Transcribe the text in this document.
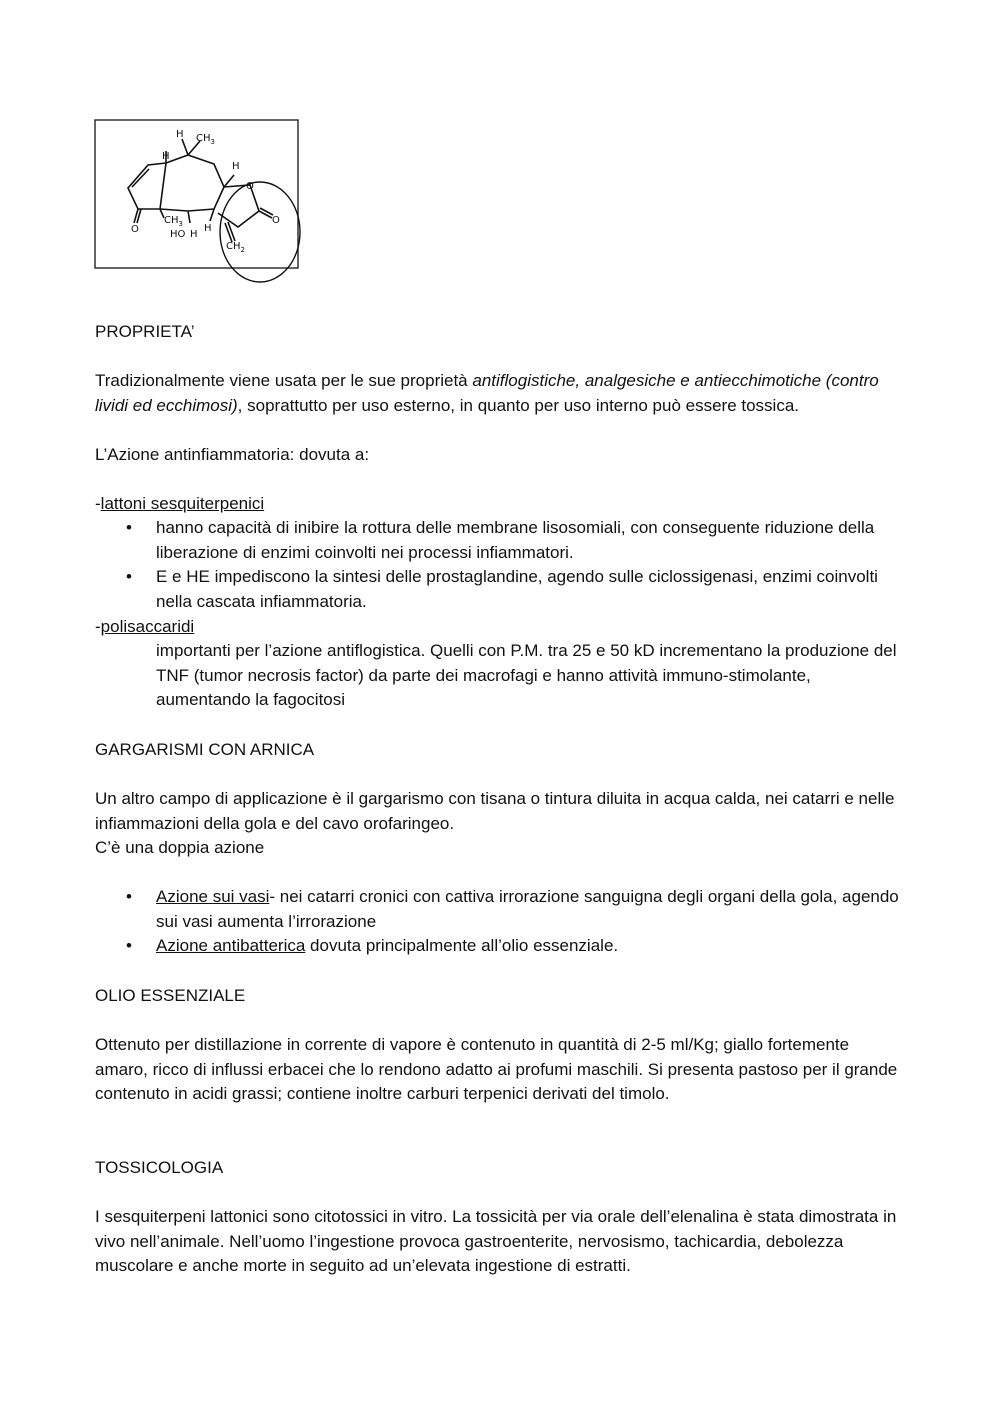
H $CH_3$
H
H
O
O
O
$CH_3$
HO H
H
$CH_2$

PROPRIETA’

Tradizionalmente viene usata per le sue proprietà antiflogistiche, analgesiche e antiecchimotiche (contro lividi ed ecchimosi), soprattutto per uso esterno, in quanto per uso interno può essere tossica.

L’Azione antinfiammatoria: dovuta a:

-lattoni sesquiterpenici

• hanno capacità di inibire la rottura delle membrane lisosomiali, con conseguente riduzione della liberazione di enzimi coinvolti nei processi infiammatori.
• E e HE impediscono la sintesi delle prostaglandine, agendo sulle ciclossigenasi, enzimi coinvolti nella cascata infiammatoria.

-polisaccaridi

importanti per l’azione antiflogistica. Quelli con P.M. tra 25 e 50 kD incrementano la produzione del TNF (tumor necrosis factor) da parte dei macrofagi e hanno attività immuno-stimolante, aumentando la fagocitosi

GARGARISMI CON ARNICA

Un altro campo di applicazione è il gargarismo con tisana o tintura diluita in acqua calda, nei catarri e nelle infiammazioni della gola e del cavo orofaringeo.

C’è una doppia azione

• Azione sui vasi- nei catarri cronici con cattiva irrorazione sanguigna degli organi della gola, agendo sui vasi aumenta l’irrorazione
• Azione antibatterica dovuta principalmente all’olio essenziale.

OLIO ESSENZIALE

Ottenuto per distillazione in corrente di vapore è contenuto in quantità di 2-5 ml/Kg; giallo fortemente amaro, ricco di influssi erbacei che lo rendono adatto ai profumi maschili. Si presenta pastoso per il grande contenuto in acidi grassi; contiene inoltre carburi terpenici derivati del timolo.

TOSSICOLOGIA

I sesquiterpeni lattonici sono citotossici in vitro. La tossicità per via orale dell’elenalina è stata dimostrata in vivo nell’animale. Nell’uomo l’ingestione provoca gastroenterite, nervosismo, tachicardia, debolezza muscolare e anche morte in seguito ad un’elevata ingestione di estratti.
